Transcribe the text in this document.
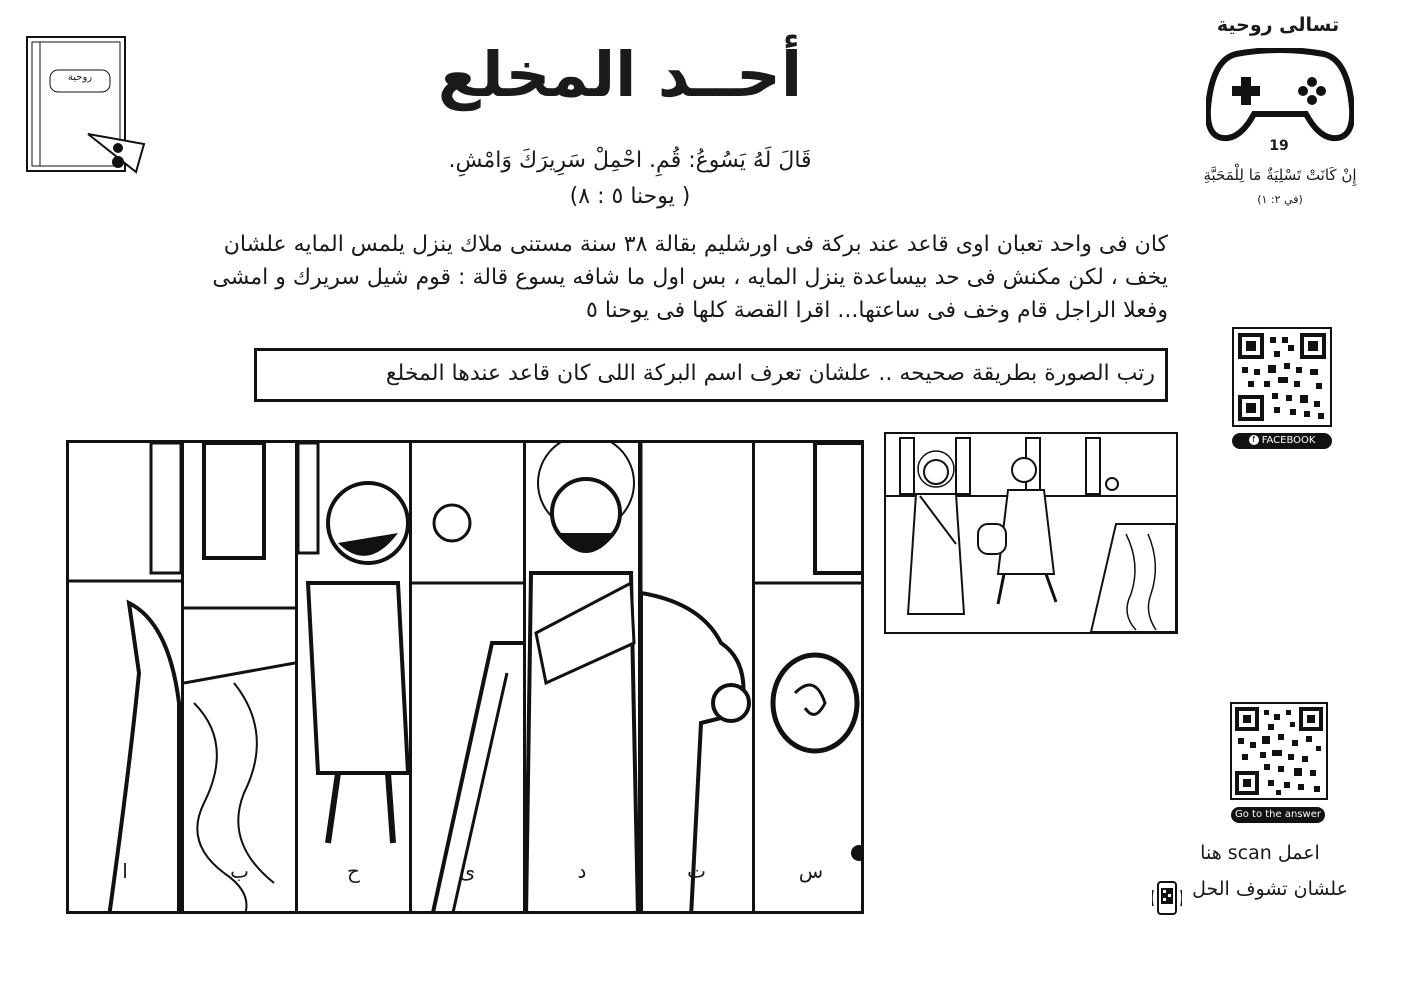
روحية	أحــد المخلع
قَالَ لَهُ يَسُوعُ: قُمِ. احْمِلْ سَرِيرَكَ وَامْشِ.
( يوحنا ٥ : ٨)
كان فى واحد تعبان اوى قاعد عند بركة فى اورشليم بقالة ٣٨ سنة مستنى ملاك ينزل يلمس المايه علشان
يخف ، لكن مكنش فى حد بيساعدة ينزل المايه ، بس اول ما شافه يسوع قالة : قوم شيل سريرك و امشى
وفعلا الراجل قام وخف فى ساعتها... اقرا القصة كلها فى يوحنا ٥
رتب الصورة بطريقة صحيحه .. علشان تعرف اسم البركة اللى كان قاعد عندها المخلع
تسالى روحية
19
إِنْ كَانَتْ تَسْلِيَةٌ مَا لِلْمَحَبَّةِ
(في ٢: ١)
f FACEBOOK
ا	ب	ح	ى	د	ت	س
Go to the answer
اعمل scan هنا
علشان تشوف الحل
